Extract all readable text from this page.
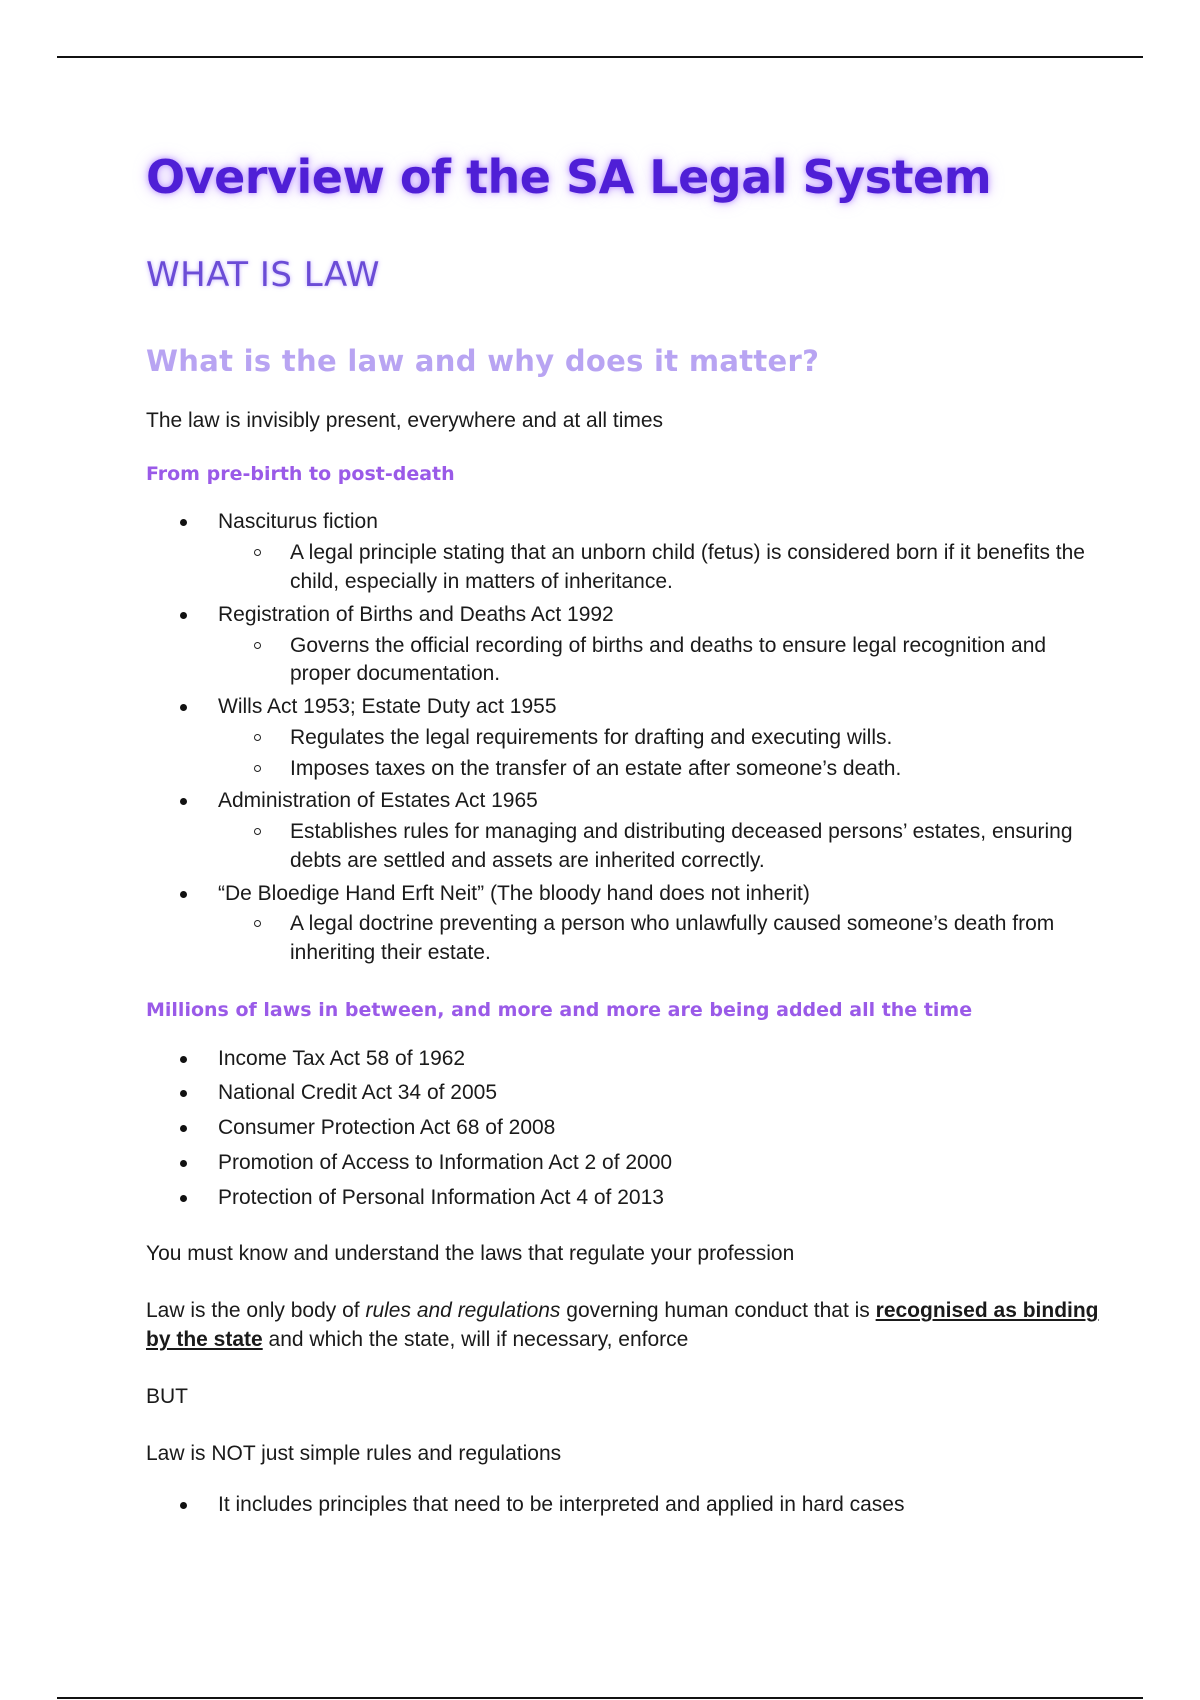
Overview of the SA Legal System
WHAT IS LAW
What is the law and why does it matter?

The law is invisibly present, everywhere and at all times

From pre-birth to post-death
Nasciturus fiction
A legal principle stating that an unborn child (fetus) is considered born if it benefits the child, especially in matters of inheritance.
Registration of Births and Deaths Act 1992
Governs the official recording of births and deaths to ensure legal recognition and proper documentation.
Wills Act 1953; Estate Duty act 1955
Regulates the legal requirements for drafting and executing wills.
Imposes taxes on the transfer of an estate after someone’s death.
Administration of Estates Act 1965
Establishes rules for managing and distributing deceased persons’ estates, ensuring debts are settled and assets are inherited correctly.
“De Bloedige Hand Erft Neit” (The bloody hand does not inherit)
A legal doctrine preventing a person who unlawfully caused someone’s death from inheriting their estate.
Millions of laws in between, and more and more are being added all the time
Income Tax Act 58 of 1962
National Credit Act 34 of 2005
Consumer Protection Act 68 of 2008
Promotion of Access to Information Act 2 of 2000
Protection of Personal Information Act 4 of 2013

You must know and understand the laws that regulate your profession

Law is the only body of rules and regulations governing human conduct that is recognised as binding by the state and which the state, will if necessary, enforce

BUT

Law is NOT just simple rules and regulations

It includes principles that need to be interpreted and applied in hard cases
